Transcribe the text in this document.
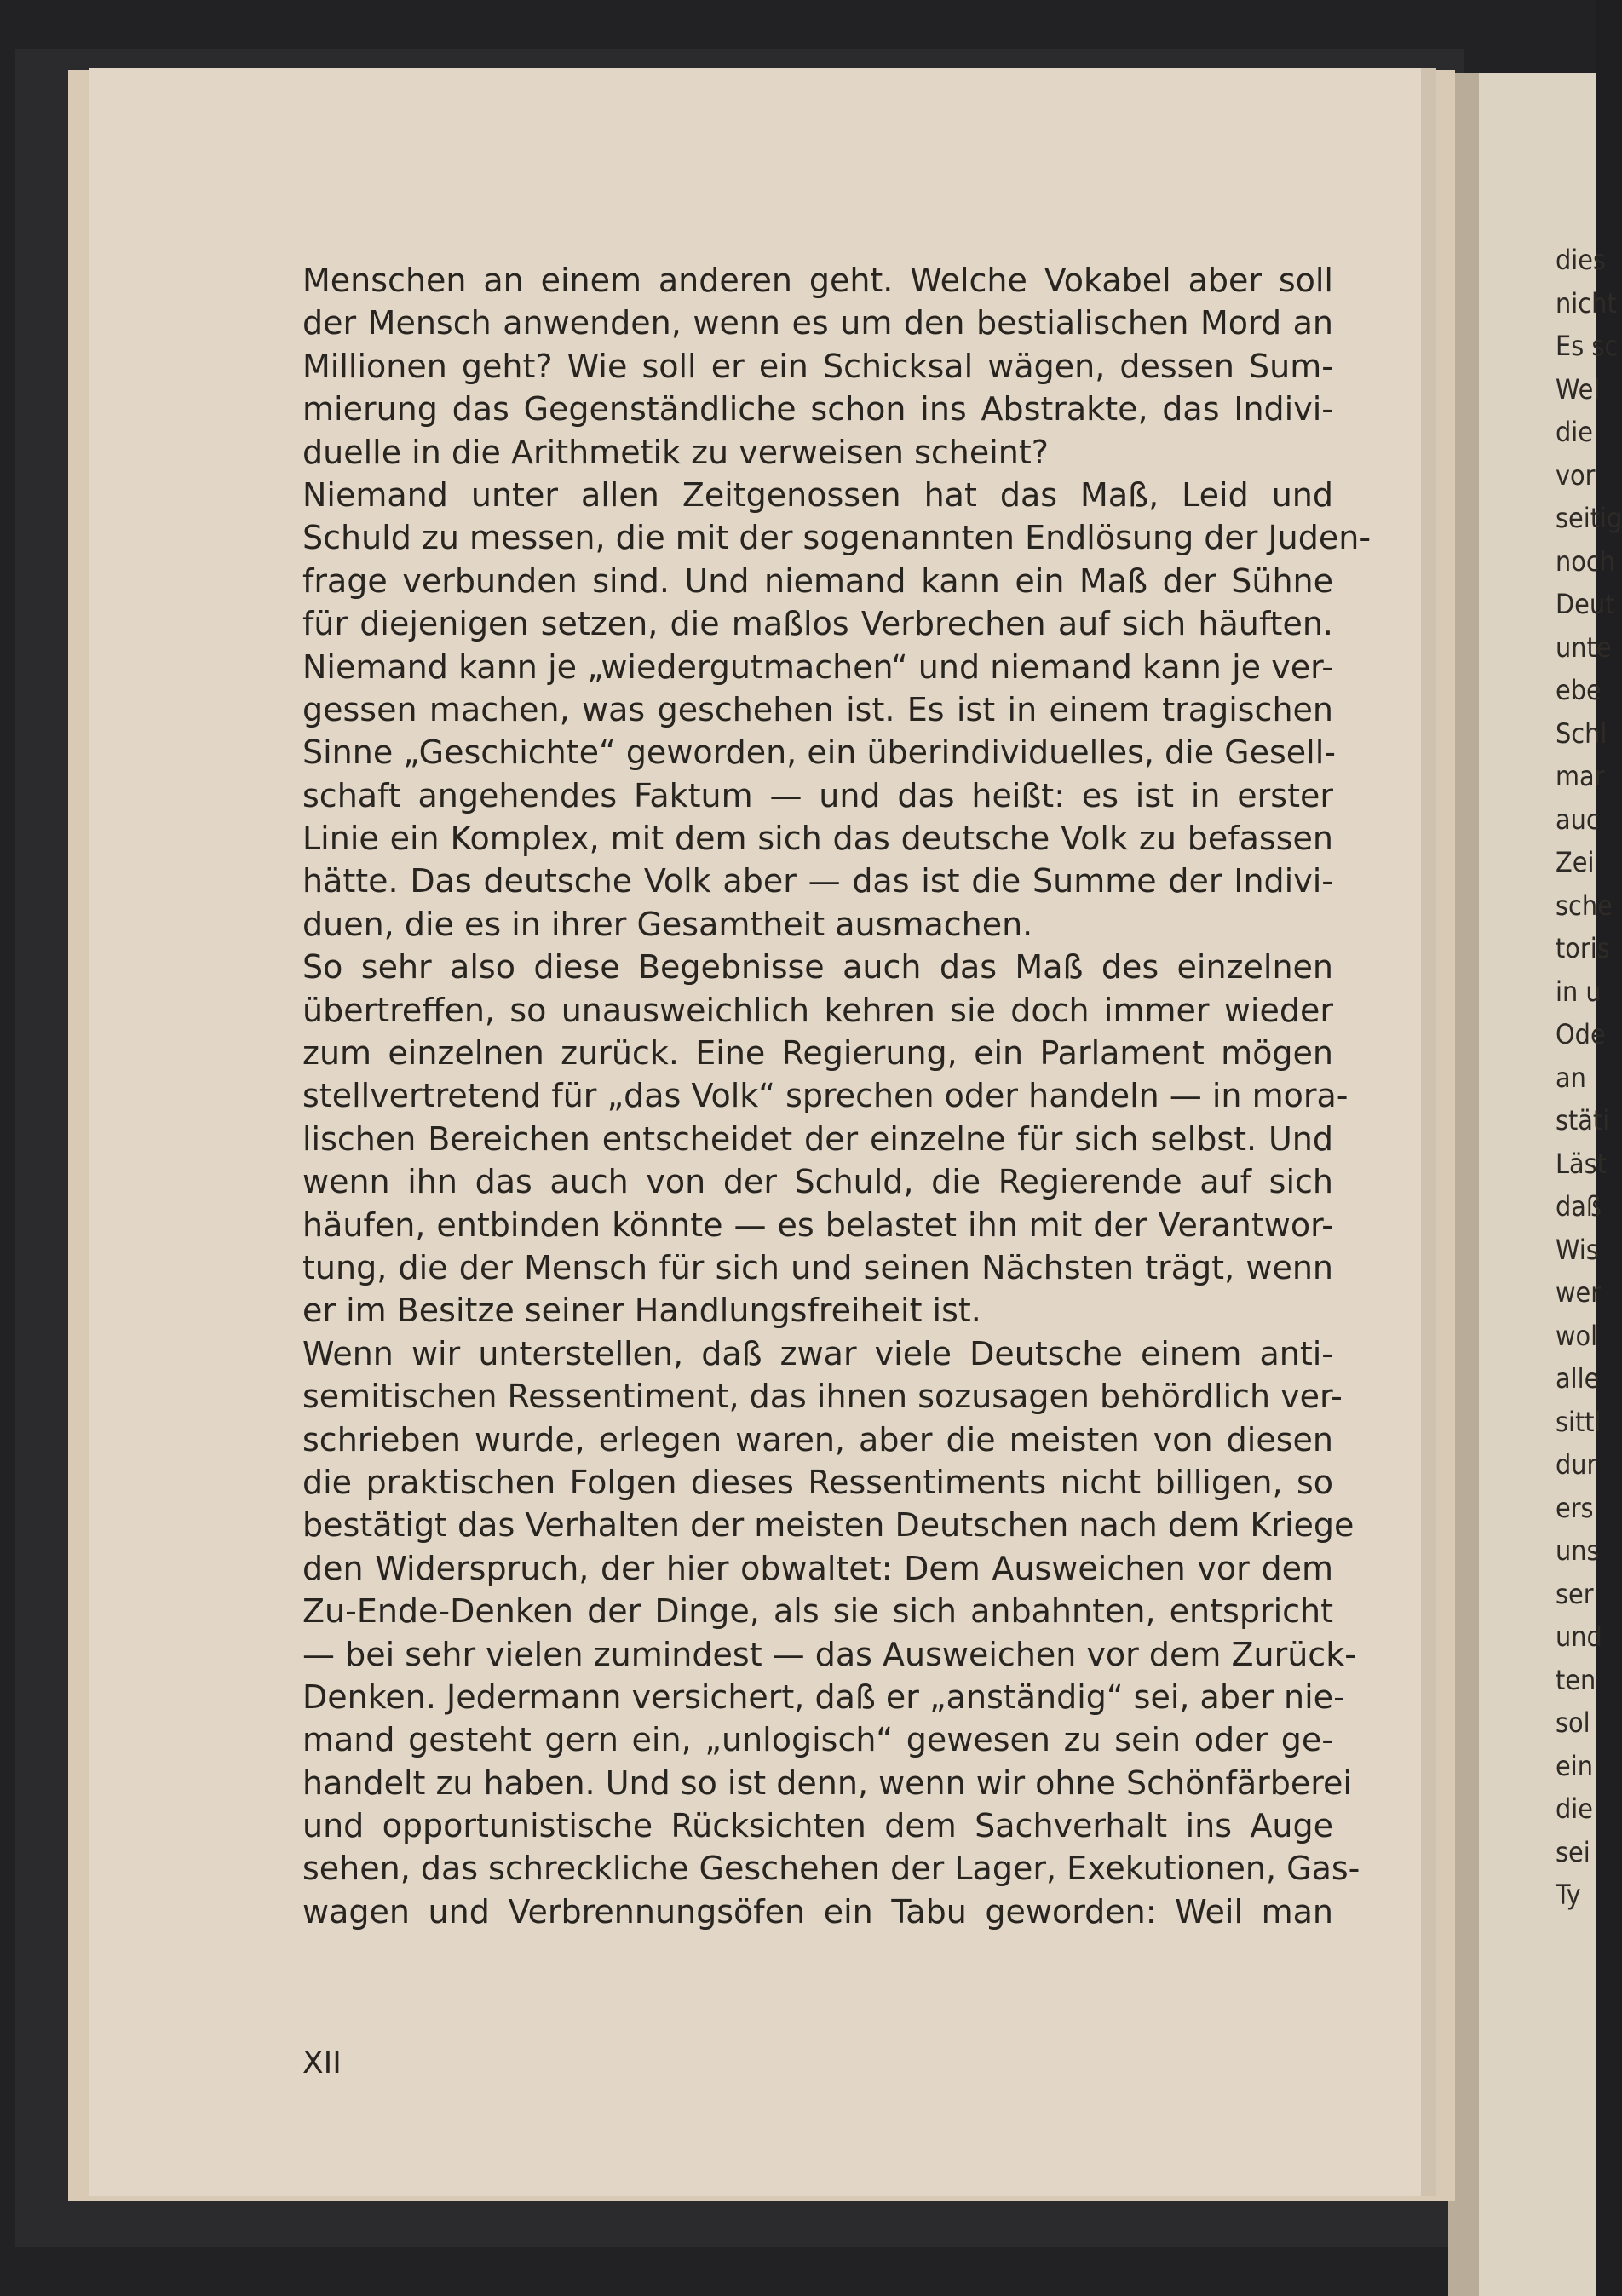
dies
nicht
Es sc
Wel
die
vor
seitig
noch
Deut
unte
ebe
Schl
mar
auc
Zei
sche
toris
in u
Ode
an
stäti
Läst
daß
Wis
wer
wol
alle
sittl
dur
ers
uns
ser
und
ten
sol
ein
die
sei
Ty
Menschen an einem anderen geht. Welche Vokabel aber soll
der Mensch anwenden, wenn es um den bestialischen Mord an
Millionen geht? Wie soll er ein Schicksal wägen, dessen Sum-
mierung das Gegenständliche schon ins Abstrakte, das Indivi-
duelle in die Arithmetik zu verweisen scheint?
Niemand unter allen Zeitgenossen hat das Maß, Leid und
Schuld zu messen, die mit der sogenannten Endlösung der Juden-
frage verbunden sind. Und niemand kann ein Maß der Sühne
für diejenigen setzen, die maßlos Verbrechen auf sich häuften.
Niemand kann je „wiedergutmachen“ und niemand kann je ver-
gessen machen, was geschehen ist. Es ist in einem tragischen
Sinne „Geschichte“ geworden, ein überindividuelles, die Gesell-
schaft angehendes Faktum — und das heißt: es ist in erster
Linie ein Komplex, mit dem sich das deutsche Volk zu befassen
hätte. Das deutsche Volk aber — das ist die Summe der Indivi-
duen, die es in ihrer Gesamtheit ausmachen.
So sehr also diese Begebnisse auch das Maß des einzelnen
übertreffen, so unausweichlich kehren sie doch immer wieder
zum einzelnen zurück. Eine Regierung, ein Parlament mögen
stellvertretend für „das Volk“ sprechen oder handeln — in mora-
lischen Bereichen entscheidet der einzelne für sich selbst. Und
wenn ihn das auch von der Schuld, die Regierende auf sich
häufen, entbinden könnte — es belastet ihn mit der Verantwor-
tung, die der Mensch für sich und seinen Nächsten trägt, wenn
er im Besitze seiner Handlungsfreiheit ist.
Wenn wir unterstellen, daß zwar viele Deutsche einem anti-
semitischen Ressentiment, das ihnen sozusagen behördlich ver-
schrieben wurde, erlegen waren, aber die meisten von diesen
die praktischen Folgen dieses Ressentiments nicht billigen, so
bestätigt das Verhalten der meisten Deutschen nach dem Kriege
den Widerspruch, der hier obwaltet: Dem Ausweichen vor dem
Zu-Ende-Denken der Dinge, als sie sich anbahnten, entspricht
— bei sehr vielen zumindest — das Ausweichen vor dem Zurück-
Denken. Jedermann versichert, daß er „anständig“ sei, aber nie-
mand gesteht gern ein, „unlogisch“ gewesen zu sein oder ge-
handelt zu haben. Und so ist denn, wenn wir ohne Schönfärberei
und opportunistische Rücksichten dem Sachverhalt ins Auge
sehen, das schreckliche Geschehen der Lager, Exekutionen, Gas-
wagen und Verbrennungsöfen ein Tabu geworden: Weil man
XII
